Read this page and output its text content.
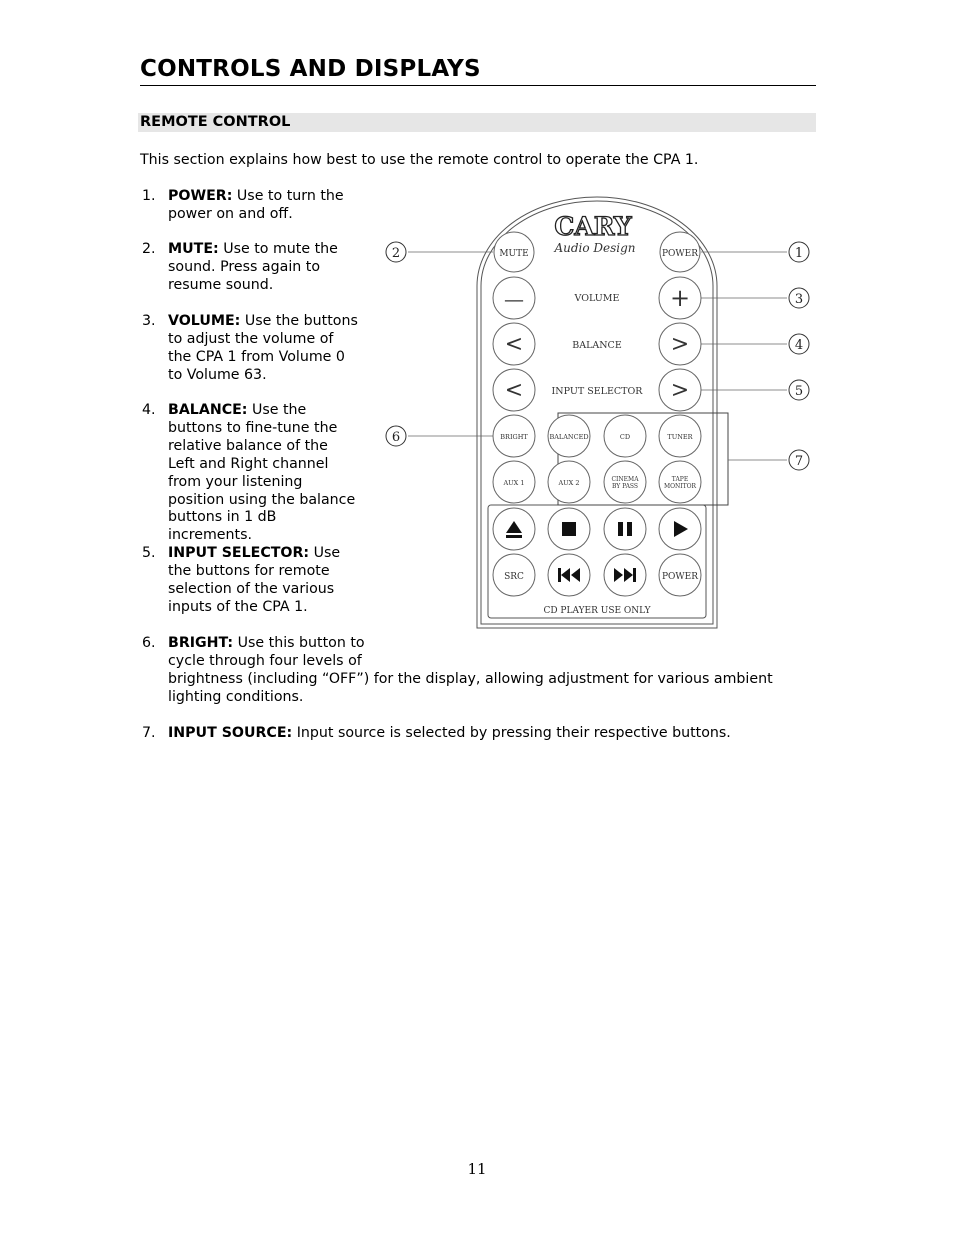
CONTROLS AND DISPLAYS
REMOTE CONTROL
This section explains how best to use the remote control to operate the CPA 1.
1. POWER: Use to turn the power on and off.
2. MUTE: Use to mute the sound. Press again to resume sound.
3. VOLUME: Use the buttons to adjust the volume of the CPA 1 from Volume 0 to Volume 63.
4. BALANCE: Use the buttons to fine-tune the relative balance of the Left and Right channel from your listening position using the balance buttons in 1 dB increments.
5. INPUT SELECTOR: Use the buttons for remote selection of the various inputs of the CPA 1.
6. BRIGHT: Use this button to
cycle through four levels of
brightness (including “OFF”) for the display, allowing adjustment for various ambient lighting conditions.
7. INPUT SOURCE: Input source is selected by pressing their respective buttons.
CARY
Audio Design
MUTE	POWER
—	+
VOLUME
<	>
BALANCE
<	>
INPUT SELECTOR
BRIGHT	BALANCED	CD	TUNER
AUX 1	AUX 2	CINEMA
BY PASS
TAPE
MONITOR
SRC	POWER
CD PLAYER USE ONLY
2	1
3
4
5
6
7
11
